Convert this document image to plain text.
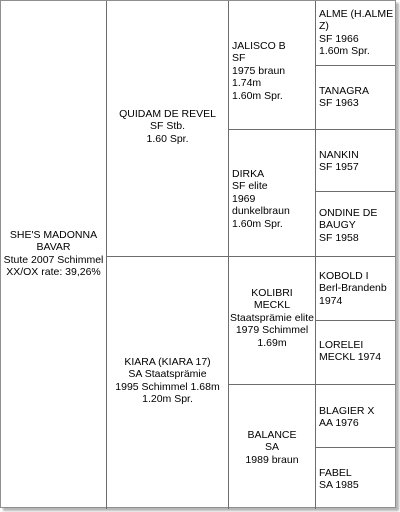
SHE'S MADONNA
BAVAR
Stute 2007 Schimmel
XX/OX rate: 39,26%
QUIDAM DE REVEL
SF Stb.
1.60 Spr.
KIARA (KIARA 17)
SA Staatsprämie
1995 Schimmel 1.68m
1.20m Spr.
JALISCO B
SF
1975 braun 1.74m
1.60m Spr.
DIRKA
SF elite
1969 dunkelbraun
1.60m Spr.
KOLIBRI
MECKL
Staatsprämie elite
1979 Schimmel
1.69m
BALANCE
SA
1989 braun
ALME (H.ALME
Z)
SF 1966
1.60m Spr.
TANAGRA
SF 1963
NANKIN
SF 1957
ONDINE DE
BAUGY
SF 1958
KOBOLD I
Berl-Brandenb
1974
LORELEI
MECKL 1974
BLAGIER X
AA 1976
FABEL
SA 1985
